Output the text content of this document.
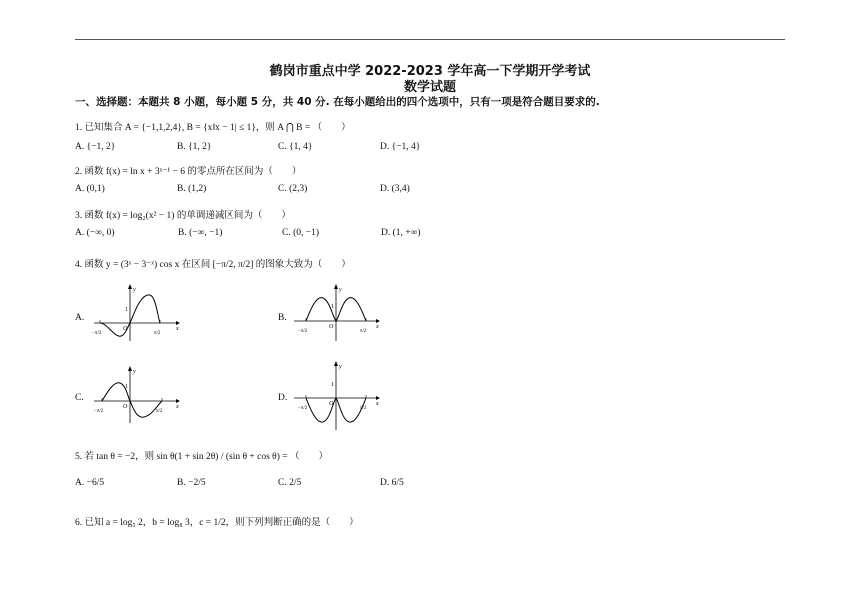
鹤岗市重点中学 2022-2023 学年高一下学期开学考试
数学试题
一、选择题：本题共 8 小题，每小题 5 分，共 40 分. 在每小题给出的四个选项中，只有一项是符合题目要求的.
1. 已知集合 A = {−1,1,2,4}, B = {x‖x − 1| ≤ 1}，则 A ⋂ B = （　　）
A. {−1, 2}	B. {1, 2}	C. {1, 4}	D. {−1, 4}
2. 函数 f(x) = ln x + 3ˣ⁻¹ − 6 的零点所在区间为（　　）
A. (0,1)	B. (1,2)	C. (2,3)	D. (3,4)
3. 函数 f(x) = log₂(x² − 1) 的单调递减区间为（　　）
A. (−∞, 0)	B. (−∞, −1)	C. (0, −1)	D. (1, +∞)
4. 函数 y = (3ˣ − 3⁻ˣ) cos x 在区间 [−π/2, π/2] 的图象大致为（　　）
A.	B.
C.	D.
y
x
O
1
−π/2	π/2
y
x
O
1
−π/2	π/2
y
x
O
1
−π/2	π/2
y
x
O
1
−π/2	π/2
5. 若 tan θ = −2，则 sin θ(1 + sin 2θ) / (sin θ + cos θ) = （　　）
A. −6/5	B. −2/5	C. 2/5	D. 6/5
6. 已知 a = log₅ 2，b = log₈ 3，c = 1/2，则下列判断正确的是（　　）
